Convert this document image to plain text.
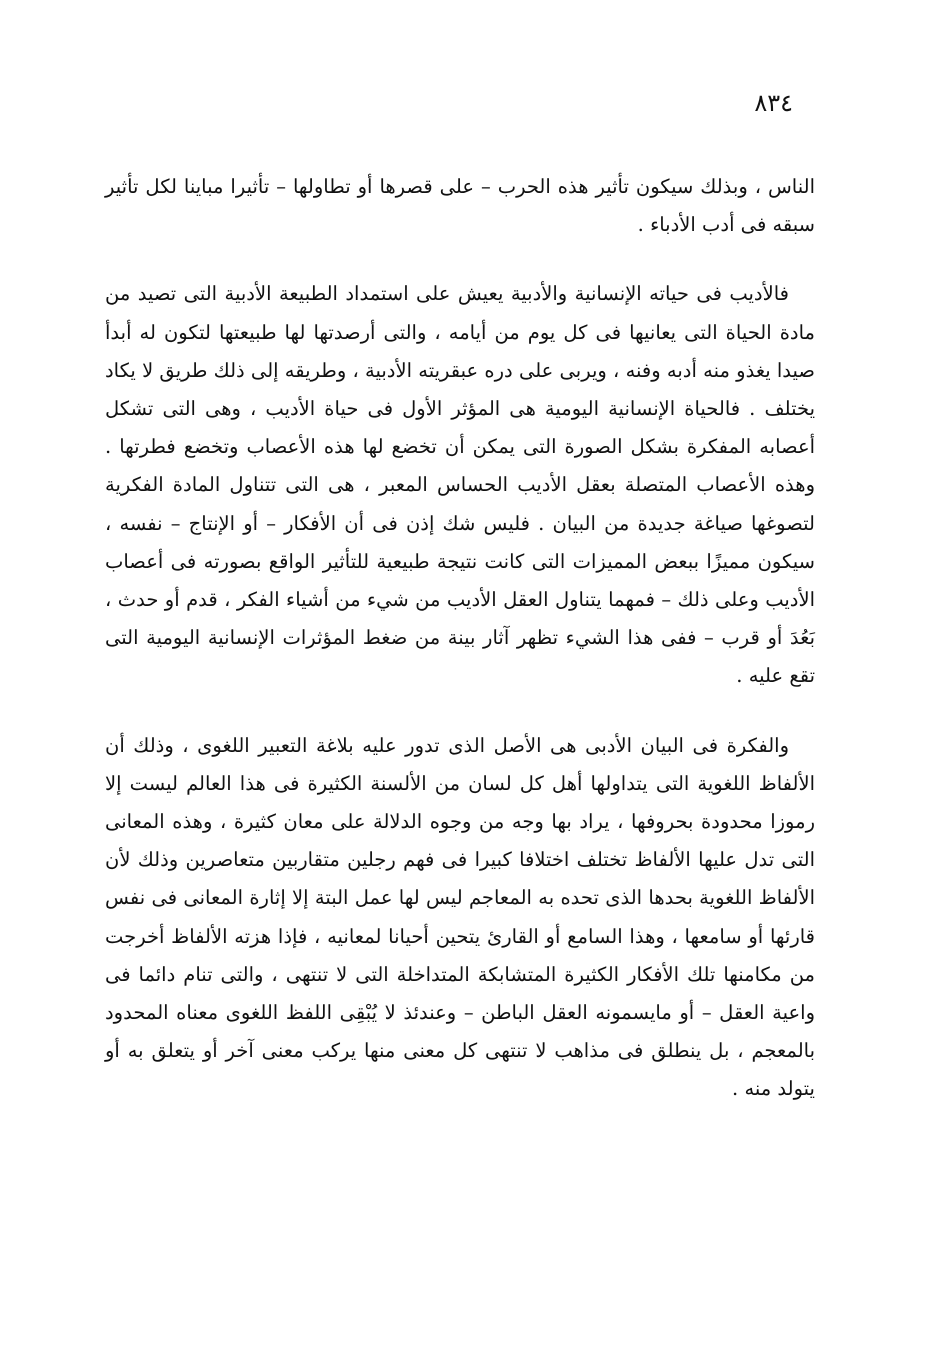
٨٣٤

الناس ، وبذلك سيكون تأثير هذه الحرب – على قصرها أو تطاولها – تأثيرا مباينا لكل تأثير سبقه فى أدب الأدباء .

فالأديب فى حياته الإنسانية والأدبية يعيش على استمداد الطبيعة الأدبية التى تصيد من مادة الحياة التى يعانيها فى كل يوم من أيامه ، والتى أرصدتها لها طبيعتها لتكون له أبدأ صيدا يغذو منه أدبه وفنه ، ويربى على دره عبقريته الأدبية ، وطريقه إلى ذلك طريق لا يكاد يختلف . فالحياة الإنسانية اليومية هى المؤثر الأول فى حياة الأديب ، وهى التى تشكل أعصابه المفكرة بشكل الصورة التى يمكن أن تخضع لها هذه الأعصاب وتخضع فطرتها . وهذه الأعصاب المتصلة بعقل الأديب الحساس المعبر ، هى التى تتناول المادة الفكرية لتصوغها صياغة جديدة من البيان . فليس شك إذن فى أن الأفكار – أو الإنتاج – نفسه ، سيكون مميزًا ببعض المميزات التى كانت نتيجة طبيعية للتأثير الواقع بصورته فى أعصاب الأديب وعلى ذلك – فمهما يتناول العقل الأديب من شيء من أشياء الفكر ، قدم أو حدث ، بَعُدَ أو قرب – ففى هذا الشيء تظهر آثار بينة من ضغط المؤثرات الإنسانية اليومية التى تقع عليه .

والفكرة فى البيان الأدبى هى الأصل الذى تدور عليه بلاغة التعبير اللغوى ، وذلك أن الألفاظ اللغوية التى يتداولها أهل كل لسان من الألسنة الكثيرة فى هذا العالم ليست إلا رموزا محدودة بحروفها ، يراد بها وجه من وجوه الدلالة على معان كثيرة ، وهذه المعانى التى تدل عليها الألفاظ تختلف اختلافا كبيرا فى فهم رجلين متقاربين متعاصرين وذلك لأن الألفاظ اللغوية بحدها الذى تحده به المعاجم ليس لها عمل البتة إلا إثارة المعانى فى نفس قارئها أو سامعها ، وهذا السامع أو القارئ يتحين أحيانا لمعانيه ، فإذا هزته الألفاظ أخرجت من مكامنها تلك الأفكار الكثيرة المتشابكة المتداخلة التى لا تنتهى ، والتى تنام دائما فى واعية العقل – أو مايسمونه العقل الباطن – وعندئذ لا يُبْقِى اللفظ اللغوى معناه المحدود بالمعجم ، بل ينطلق فى مذاهب لا تنتهى كل معنى منها يركب معنى آخر أو يتعلق به أو يتولد منه .
